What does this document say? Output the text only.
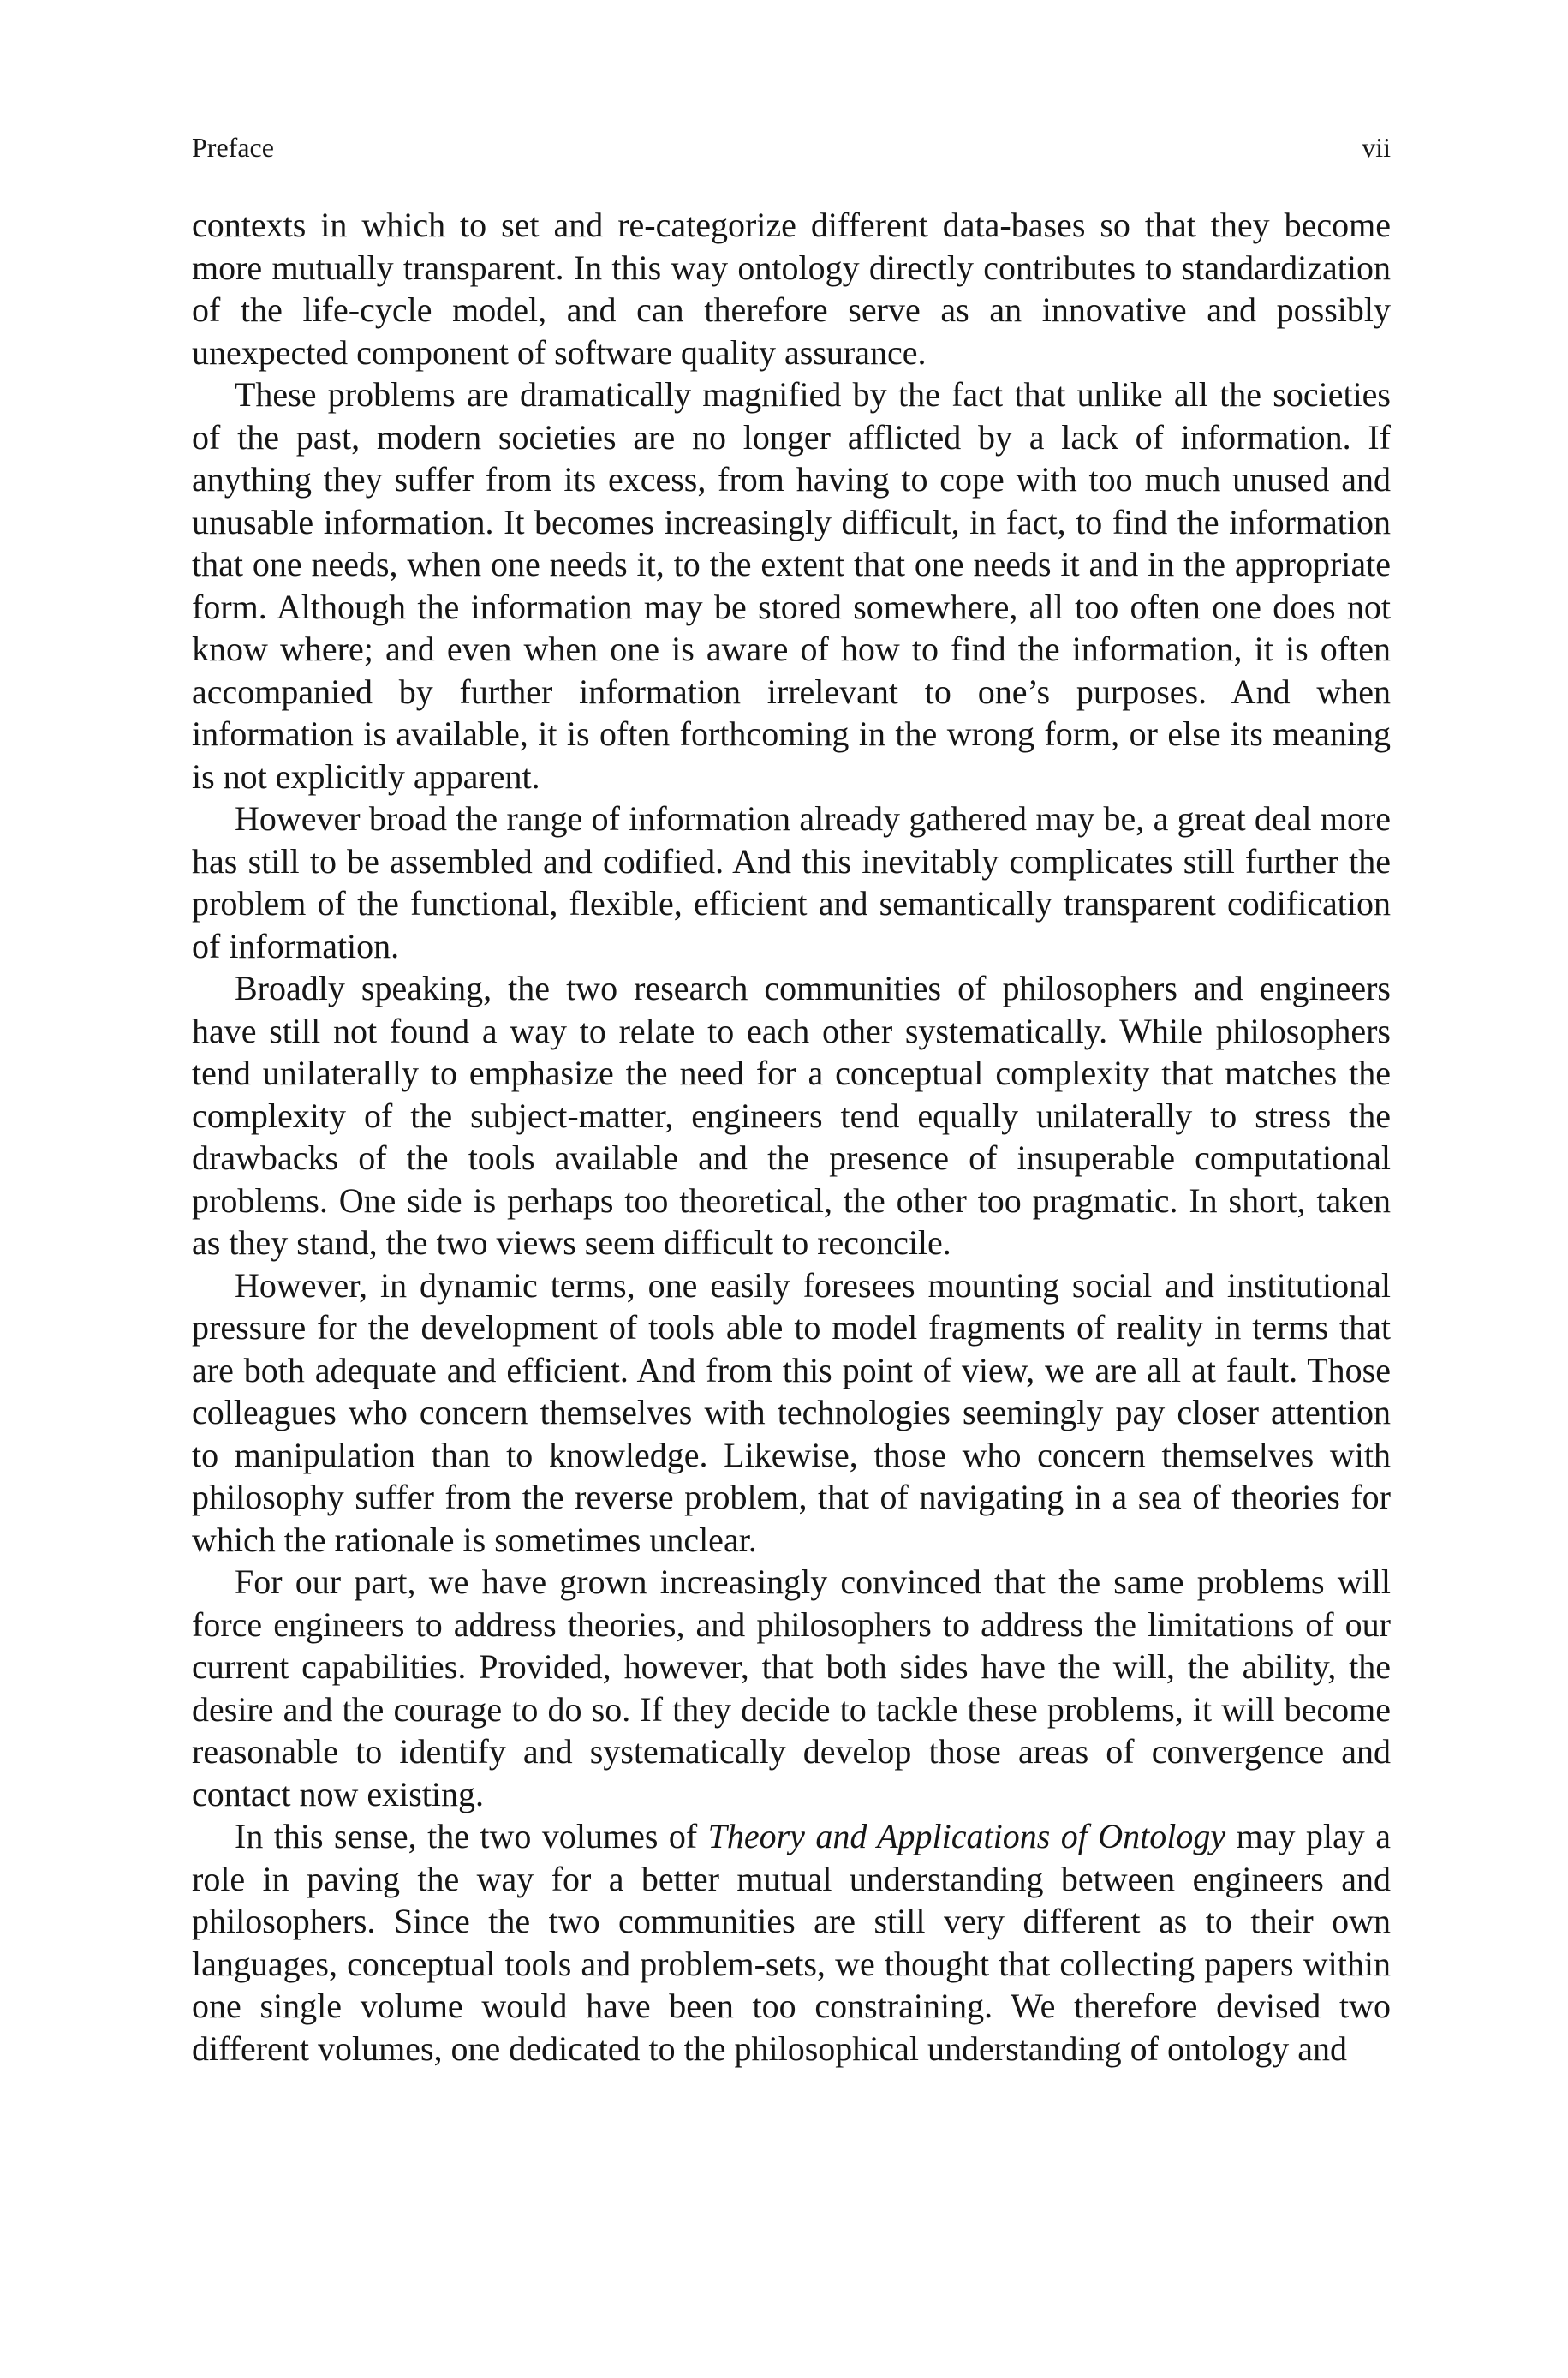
Preface	vii

contexts in which to set and re-categorize different data-bases so that they become more mutually transparent. In this way ontology directly contributes to standardization of the life-cycle model, and can therefore serve as an innovative and possibly unexpected component of software quality assurance.

These problems are dramatically magnified by the fact that unlike all the societies of the past, modern societies are no longer afflicted by a lack of information. If anything they suffer from its excess, from having to cope with too much unused and unusable information. It becomes increasingly difficult, in fact, to find the information that one needs, when one needs it, to the extent that one needs it and in the appropriate form. Although the information may be stored somewhere, all too often one does not know where; and even when one is aware of how to find the information, it is often accompanied by further information irrelevant to one’s purposes. And when information is available, it is often forthcoming in the wrong form, or else its meaning is not explicitly apparent.

However broad the range of information already gathered may be, a great deal more has still to be assembled and codified. And this inevitably complicates still further the problem of the functional, flexible, efficient and semantically transparent codification of information.

Broadly speaking, the two research communities of philosophers and engineers have still not found a way to relate to each other systematically. While philosophers tend unilaterally to emphasize the need for a conceptual complexity that matches the complexity of the subject-matter, engineers tend equally unilaterally to stress the drawbacks of the tools available and the presence of insuperable computational problems. One side is perhaps too theoretical, the other too pragmatic. In short, taken as they stand, the two views seem difficult to reconcile.

However, in dynamic terms, one easily foresees mounting social and institutional pressure for the development of tools able to model fragments of reality in terms that are both adequate and efficient. And from this point of view, we are all at fault. Those colleagues who concern themselves with technologies seemingly pay closer attention to manipulation than to knowledge. Likewise, those who concern themselves with philosophy suffer from the reverse problem, that of navigating in a sea of theories for which the rationale is sometimes unclear.

For our part, we have grown increasingly convinced that the same problems will force engineers to address theories, and philosophers to address the limitations of our current capabilities. Provided, however, that both sides have the will, the ability, the desire and the courage to do so. If they decide to tackle these problems, it will become reasonable to identify and systematically develop those areas of convergence and contact now existing.

In this sense, the two volumes of Theory and Applications of Ontology may play a role in paving the way for a better mutual understanding between engineers and philosophers. Since the two communities are still very different as to their own languages, conceptual tools and problem-sets, we thought that collecting papers within one single volume would have been too constraining. We therefore devised two different volumes, one dedicated to the philosophical understanding of ontology and
